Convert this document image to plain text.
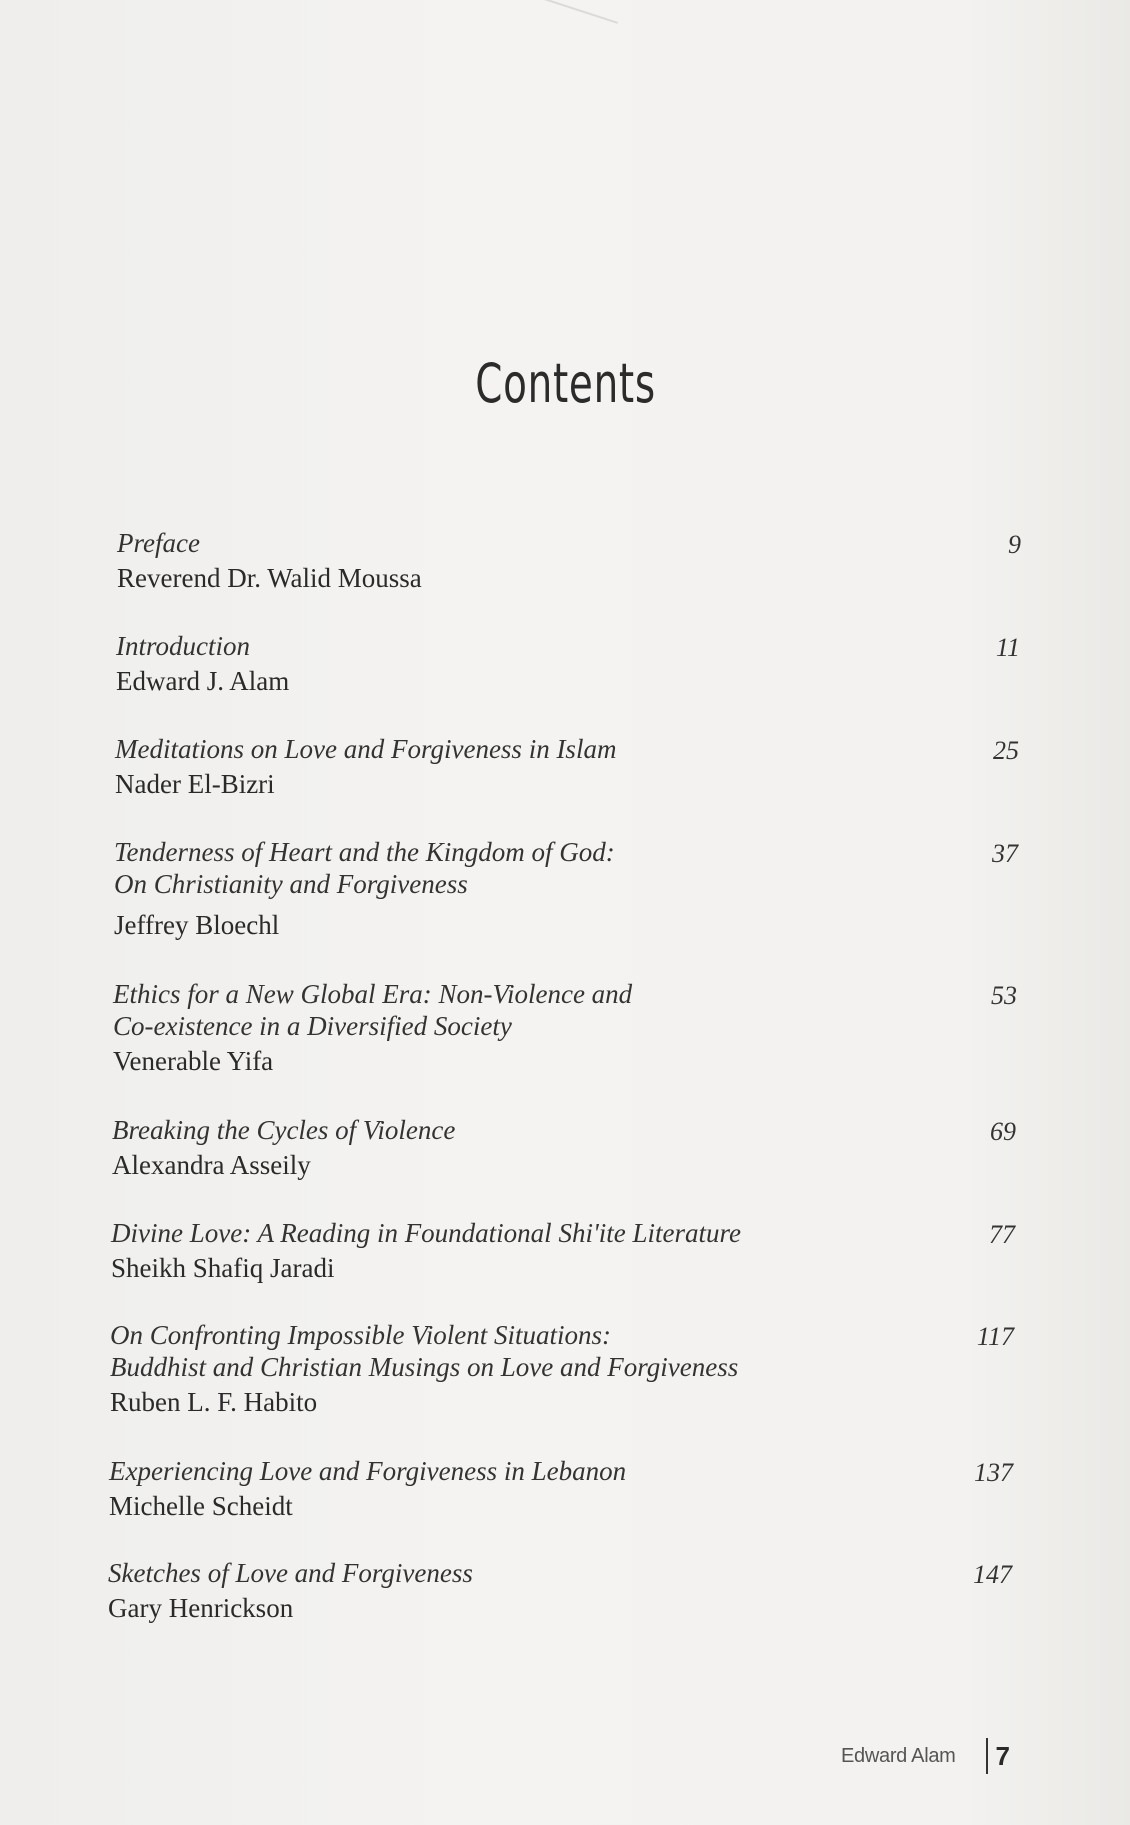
Contents
Preface
Reverend Dr. Walid Moussa
9
Introduction
Edward J. Alam
11
Meditations on Love and Forgiveness in Islam
Nader El-Bizri
25
Tenderness of Heart and the Kingdom of God:
On Christianity and Forgiveness
Jeffrey Bloechl
37
Ethics for a New Global Era: Non-Violence and
Co-existence in a Diversified Society
Venerable Yifa
53
Breaking the Cycles of Violence
Alexandra Asseily
69
Divine Love: A Reading in Foundational Shi'ite Literature
Sheikh Shafiq Jaradi
77
On Confronting Impossible Violent Situations:
Buddhist and Christian Musings on Love and Forgiveness
Ruben L. F. Habito
117
Experiencing Love and Forgiveness in Lebanon
Michelle Scheidt
137
Sketches of Love and Forgiveness
Gary Henrickson
147
Edward Alam 7
